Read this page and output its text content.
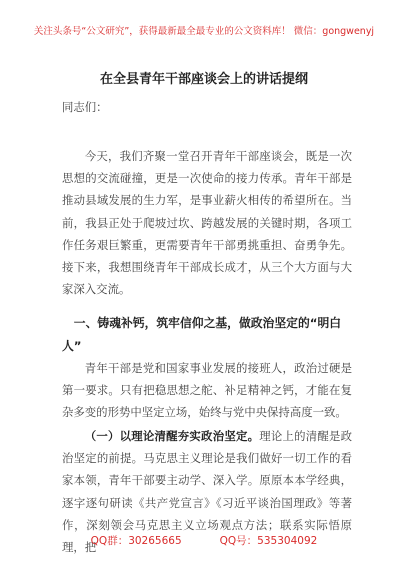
关注头条号“公文研究”，获得最新最全最专业的公文资料库！ 微信：gongwenyj
在全县青年干部座谈会上的讲话提纲
同志们：
今天，我们齐聚一堂召开青年干部座谈会，既是一次思想的交流碰撞，更是一次使命的接力传承。青年干部是推动县域发展的生力军，是事业薪火相传的希望所在。当前，我县正处于爬坡过坎、跨越发展的关键时期，各项工作任务艰巨繁重，更需要青年干部勇挑重担、奋勇争先。接下来，我想围绕青年干部成长成才，从三个大方面与大家深入交流。
一、铸魂补钙，筑牢信仰之基，做政治坚定的“明白人”
青年干部是党和国家事业发展的接班人，政治过硬是第一要求。只有把稳思想之舵、补足精神之钙，才能在复杂多变的形势中坚定立场，始终与党中央保持高度一致。
（一）以理论清醒夯实政治坚定。理论上的清醒是政治坚定的前提。马克思主义理论是我们做好一切工作的看家本领，青年干部要主动学、深入学。原原本本学经典，逐字逐句研读《共产党宣言》《习近平谈治国理政》等著作，深刻领会马克思主义立场观点方法；联系实际悟原理，把
QQ群：30265665	QQ号：535304092
